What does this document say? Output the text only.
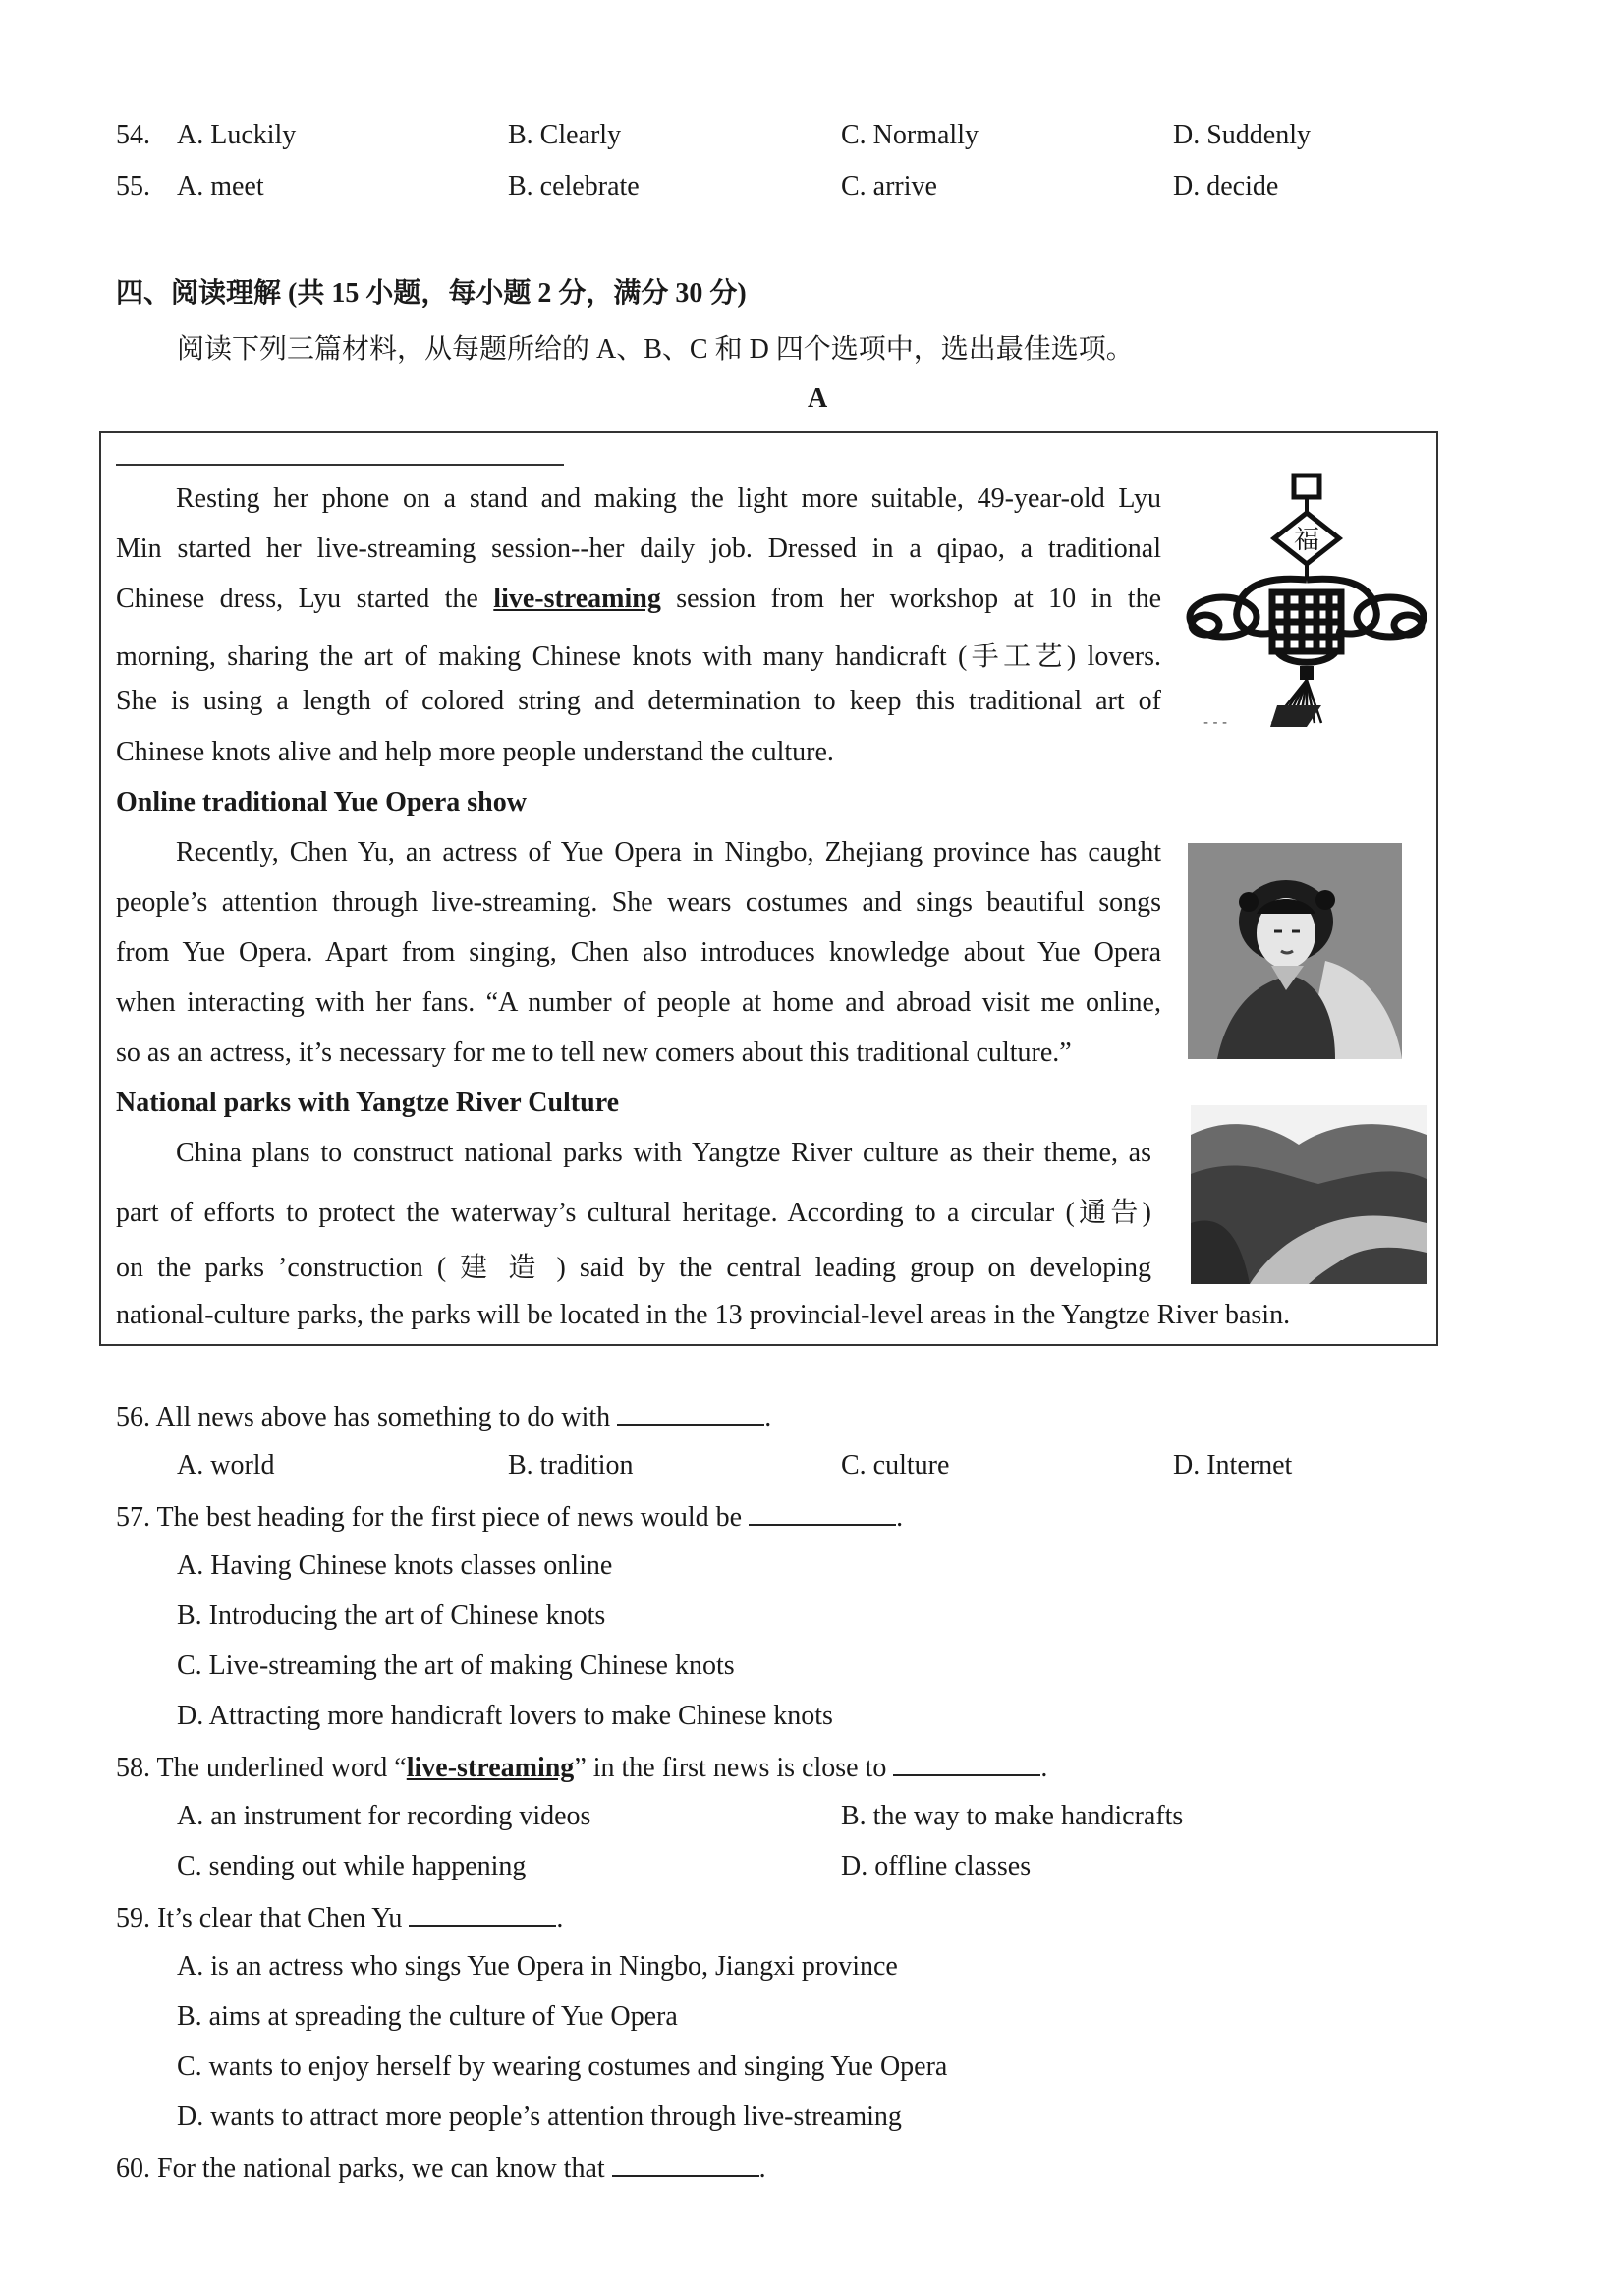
54. A. Luckily	B. Clearly	C. Normally	D. Suddenly
55. A. meet	B. celebrate	C. arrive	D. decide
四、阅读理解 (共 15 小题，每小题 2 分，满分 30 分)
阅读下列三篇材料，从每题所给的 A、B、C 和 D 四个选项中，选出最佳选项。
A
Resting her phone on a stand and making the light more suitable, 49-year-old Lyu
Min started her live-streaming session--her daily job. Dressed in a qipao, a traditional
Chinese dress, Lyu started the live-streaming session from her workshop at 10 in the
morning, sharing the art of making Chinese knots with many handicraft (手工艺) lovers.
She is using a length of colored string and determination to keep this traditional art of
Chinese knots alive and help more people understand the culture.
Online traditional Yue Opera show
Recently, Chen Yu, an actress of Yue Opera in Ningbo, Zhejiang province has caught
people’s attention through live-streaming. She wears costumes and sings beautiful songs
from Yue Opera. Apart from singing, Chen also introduces knowledge about Yue Opera
when interacting with her fans. “A number of people at home and abroad visit me online,
so as an actress, it’s necessary for me to tell new comers about this traditional culture.”
National parks with Yangtze River Culture
China plans to construct national parks with Yangtze River culture as their theme, as
part of efforts to protect the waterway’s cultural heritage. According to a circular (通告)
on the parks ’construction ( 建 造 ) said by the central leading group on developing
national-culture parks, the parks will be located in the 13 provincial-level areas in the Yangtze River basin.
福
- - -
56. All news above has something to do with	.
A. world	B. tradition	C. culture	D. Internet
57. The best heading for the first piece of news would be	.
A. Having Chinese knots classes online
B. Introducing the art of Chinese knots
C. Live-streaming the art of making Chinese knots
D. Attracting more handicraft lovers to make Chinese knots
58. The underlined word “live-streaming” in the first news is close to	.
A. an instrument for recording videos	B. the way to make handicrafts
C. sending out while happening	D. offline classes
59. It’s clear that Chen Yu	.
A. is an actress who sings Yue Opera in Ningbo, Jiangxi province
B. aims at spreading the culture of Yue Opera
C. wants to enjoy herself by wearing costumes and singing Yue Opera
D. wants to attract more people’s attention through live-streaming
60. For the national parks, we can know that	.
